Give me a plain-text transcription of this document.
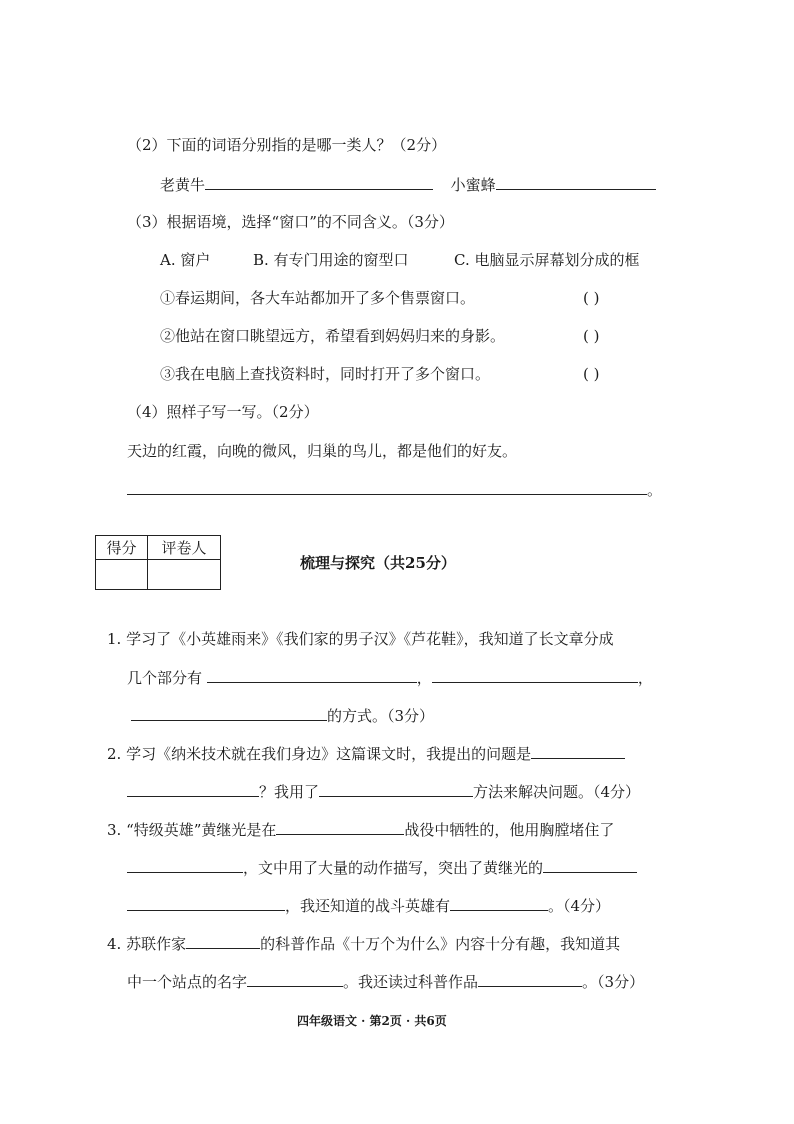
（2）下面的词语分别指的是哪一类人？（2分）
老黄牛	小蜜蜂
（3）根据语境，选择“窗口”的不同含义。（3分）
A. 窗户	B. 有专门用途的窗型口	C. 电脑显示屏幕划分成的框
①春运期间，各大车站都加开了多个售票窗口。	( )
②他站在窗口眺望远方，希望看到妈妈归来的身影。	( )
③我在电脑上查找资料时，同时打开了多个窗口。	( )
（4）照样子写一写。（2分）
天边的红霞，向晚的微风，归巢的鸟儿，都是他们的好友。
。
得分	评卷人

梳理与探究（共25分）
1. 学习了《小英雄雨来》《我们家的男子汉》《芦花鞋》，我知道了长文章分成
几个部分有	，	，
的方式。（3分）
2. 学习《纳米技术就在我们身边》这篇课文时，我提出的问题是
？我用了	方法来解决问题。（4分）
3. “特级英雄”黄继光是在	战役中牺牲的，他用胸膛堵住了
，文中用了大量的动作描写，突出了黄继光的
，我还知道的战斗英雄有	。（4分）
4. 苏联作家	的科普作品《十万个为什么》内容十分有趣，我知道其
中一个站点的名字	。我还读过科普作品	。（3分）
四年级语文 · 第2页 · 共6页
